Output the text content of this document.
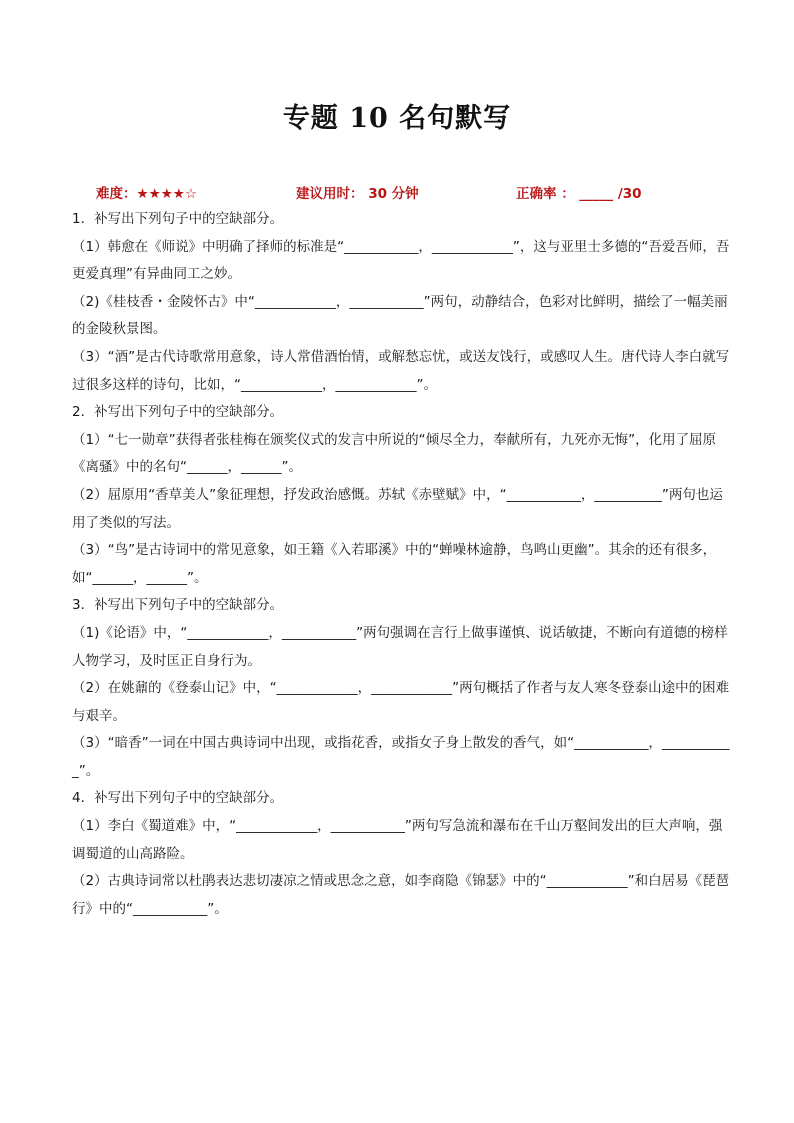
专题 10 名句默写
难度：★★★★☆	建议用时： 30 分钟	正确率 ： _____ /30

1．补写出下列句子中的空缺部分。

（1）韩愈在《师说》中明确了择师的标准是“___________，____________”，这与亚里士多德的“吾爱吾师，吾更爱真理”有异曲同工之妙。

（2)《桂枝香・金陵怀古》中“____________，___________”两句，动静结合，色彩对比鲜明，描绘了一幅美丽的金陵秋景图。

（3）“酒”是古代诗歌常用意象，诗人常借酒怡情，或解愁忘忧，或送友饯行，或感叹人生。唐代诗人李白就写过很多这样的诗句，比如，“____________，____________”。

2．补写出下列句子中的空缺部分。

（1）“七一勋章”获得者张桂梅在颁奖仪式的发言中所说的“倾尽全力，奉献所有，九死亦无悔”，化用了屈原《离骚》中的名句“______，______”。

（2）屈原用“香草美人”象征理想，抒发政治感慨。苏轼《赤壁赋》中，“___________，__________”两句也运用了类似的写法。

（3）“鸟”是古诗词中的常见意象，如王籍《入若耶溪》中的“蝉噪林逾静，鸟鸣山更幽”。其余的还有很多，如“______，______”。

3．补写出下列句子中的空缺部分。

（1)《论语》中，“____________，___________”两句强调在言行上做事谨慎、说话敏捷，不断向有道德的榜样人物学习，及时匡正自身行为。

（2）在姚鼐的《登泰山记》中，“____________，____________”两句概括了作者与友人寒冬登泰山途中的困难与艰辛。

（3）“暗香”一词在中国古典诗词中出现，或指花香，或指女子身上散发的香气，如“___________，___________”。

4．补写出下列句子中的空缺部分。

（1）李白《蜀道难》中，“____________，___________”两句写急流和瀑布在千山万壑间发出的巨大声响，强调蜀道的山高路险。

（2）古典诗词常以杜鹃表达悲切凄凉之情或思念之意，如李商隐《锦瑟》中的“____________”和白居易《琵琶行》中的“___________”。
